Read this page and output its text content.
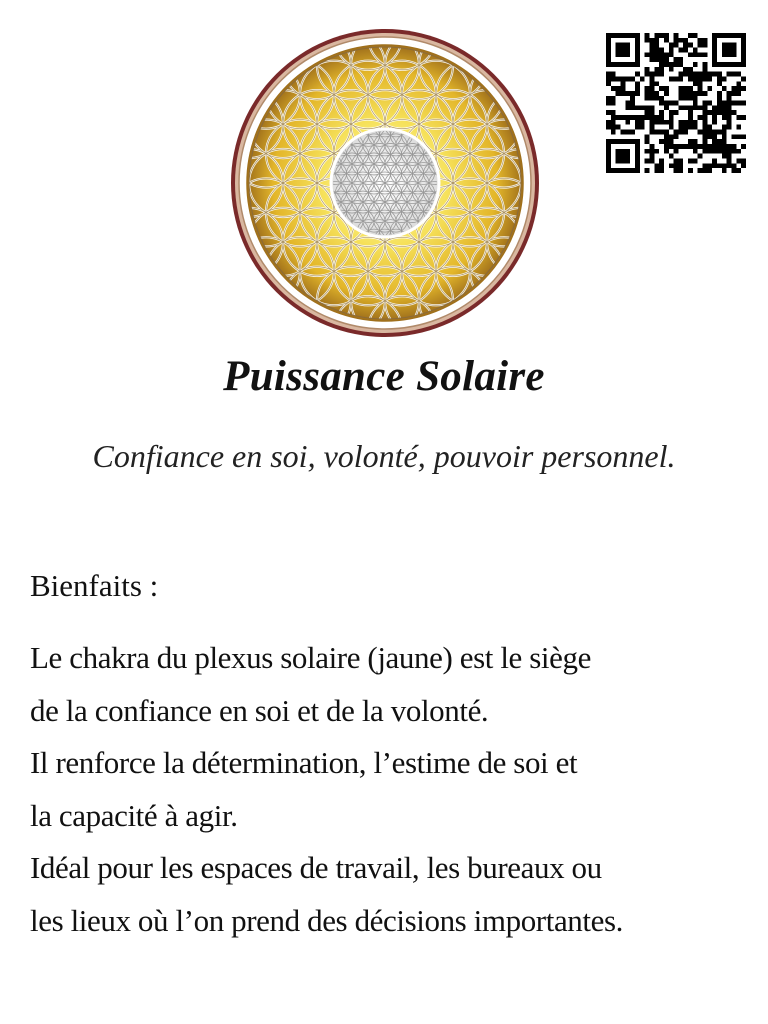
Puissance Solaire

Confiance en soi, volonté, pouvoir personnel.

Bienfaits :
Le chakra du plexus solaire (jaune) est le siège
de la confiance en soi et de la volonté.
Il renforce la détermination, l’estime de soi et
la capacité à agir.
Idéal pour les espaces de travail, les bureaux ou
les lieux où l’on prend des décisions importantes.
